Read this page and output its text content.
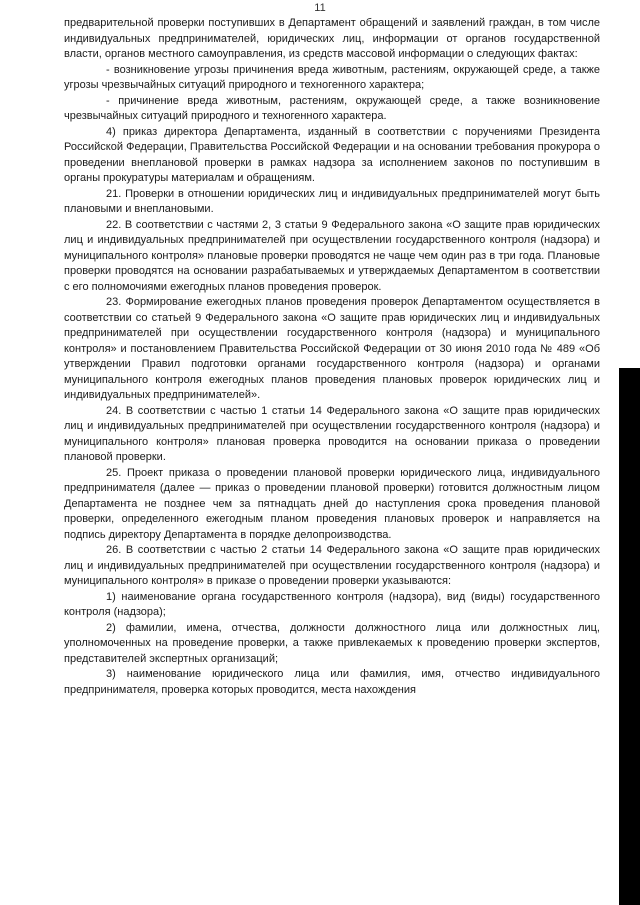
11

предварительной проверки поступивших в Департамент обращений и заявлений граждан, в том числе индивидуальных предпринимателей, юридических лиц, информации от органов государственной власти, органов местного самоуправления, из средств массовой информации о следующих фактах:

- возникновение угрозы причинения вреда животным, растениям, окружающей среде, а также угрозы чрезвычайных ситуаций природного и техногенного характера;

- причинение вреда животным, растениям, окружающей среде, а также возникновение чрезвычайных ситуаций природного и техногенного характера.

4) приказ директора Департамента, изданный в соответствии с поручениями Президента Российской Федерации, Правительства Российской Федерации и на основании требования прокурора о проведении внеплановой проверки в рамках надзора за исполнением законов по поступившим в органы прокуратуры материалам и обращениям.

21. Проверки в отношении юридических лиц и индивидуальных предпринимателей могут быть плановыми и внеплановыми.

22. В соответствии с частями 2, 3 статьи 9 Федерального закона «О защите прав юридических лиц и индивидуальных предпринимателей при осуществлении государственного контроля (надзора) и муниципального контроля» плановые проверки проводятся не чаще чем один раз в три года. Плановые проверки проводятся на основании разрабатываемых и утверждаемых Департаментом в соответствии с его полномочиями ежегодных планов проведения проверок.

23. Формирование ежегодных планов проведения проверок Департаментом осуществляется в соответствии со статьей 9 Федерального закона «О защите прав юридических лиц и индивидуальных предпринимателей при осуществлении государственного контроля (надзора) и муниципального контроля» и постановлением Правительства Российской Федерации от 30 июня 2010 года № 489 «Об утверждении Правил подготовки органами государственного контроля (надзора) и органами муниципального контроля ежегодных планов проведения плановых проверок юридических лиц и индивидуальных предпринимателей».

24. В соответствии с частью 1 статьи 14 Федерального закона «О защите прав юридических лиц и индивидуальных предпринимателей при осуществлении государственного контроля (надзора) и муниципального контроля» плановая проверка проводится на основании приказа о проведении плановой проверки.

25. Проект приказа о проведении плановой проверки юридического лица, индивидуального предпринимателя (далее — приказ о проведении плановой проверки) готовится должностным лицом Департамента не позднее чем за пятнадцать дней до наступления срока проведения плановой проверки, определенного ежегодным планом проведения плановых проверок и направляется на подпись директору Департамента в порядке делопроизводства.

26. В соответствии с частью 2 статьи 14 Федерального закона «О защите прав юридических лиц и индивидуальных предпринимателей при осуществлении государственного контроля (надзора) и муниципального контроля» в приказе о проведении проверки указываются:

1) наименование органа государственного контроля (надзора), вид (виды) государственного контроля (надзора);

2) фамилии, имена, отчества, должности должностного лица или должностных лиц, уполномоченных на проведение проверки, а также привлекаемых к проведению проверки экспертов, представителей экспертных организаций;

3) наименование юридического лица или фамилия, имя, отчество индивидуального предпринимателя, проверка которых проводится, места нахождения
